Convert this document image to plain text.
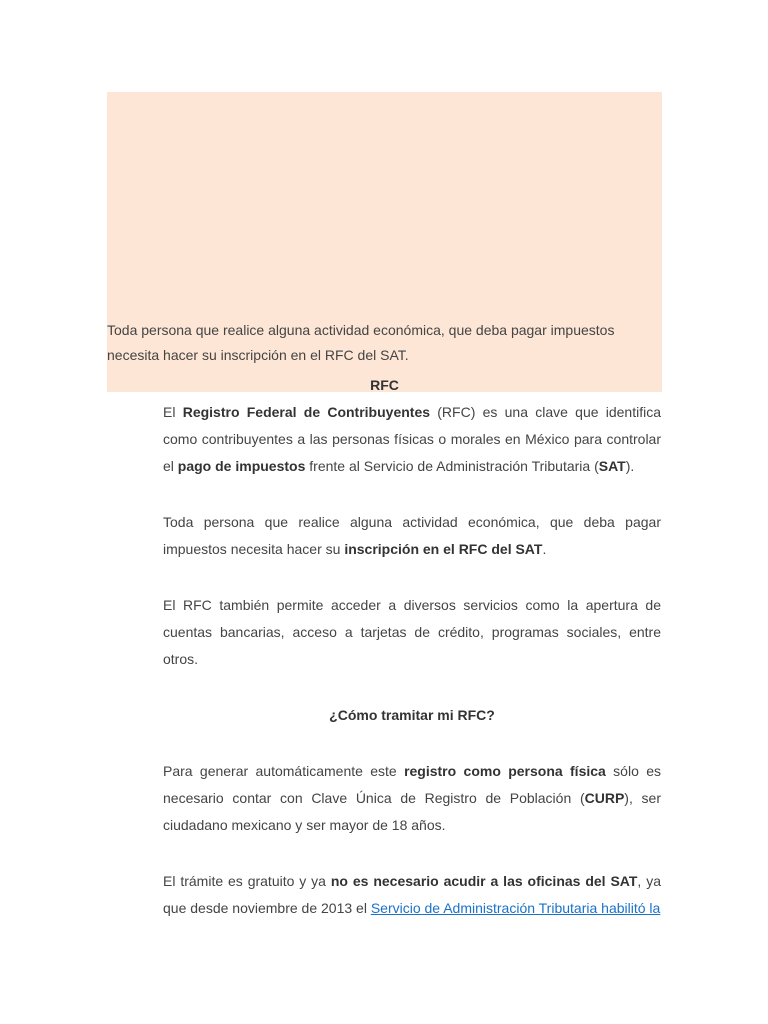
RFC
Toda persona que realice alguna actividad económica, que deba pagar impuestos necesita hacer su inscripción en el RFC del SAT.

El Registro Federal de Contribuyentes (RFC) es una clave que identifica como contribuyentes a las personas físicas o morales en México para controlar el pago de impuestos frente al Servicio de Administración Tributaria (SAT).

Toda persona que realice alguna actividad económica, que deba pagar impuestos necesita hacer su inscripción en el RFC del SAT.

El RFC también permite acceder a diversos servicios como la apertura de cuentas bancarias, acceso a tarjetas de crédito, programas sociales, entre otros.

¿Cómo tramitar mi RFC?

Para generar automáticamente este registro como persona física sólo es necesario contar con Clave Única de Registro de Población (CURP), ser ciudadano mexicano y ser mayor de 18 años.

El trámite es gratuito y ya no es necesario acudir a las oficinas del SAT, ya que desde noviembre de 2013 el Servicio de Administración Tributaria habilitó la
